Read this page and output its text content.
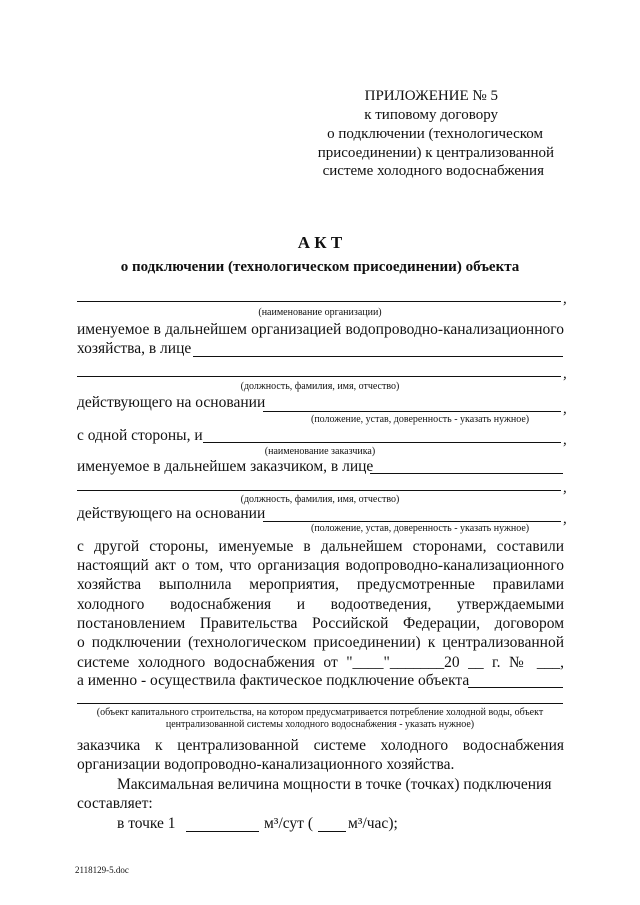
ПРИЛОЖЕНИЕ № 5
к типовому договору
о подключении (технологическом
присоединении) к централизованной
системе холодного водоснабжения
А К Т
о подключении (технологическом присоединении) объекта
,
(наименование организации)
именуемое в дальнейшем организацией водопроводно-канализационного
хозяйства, в лице
,
(должность, фамилия, имя, отчество)
действующего на основании	,
(положение, устав, доверенность - указать нужное)
с одной стороны, и	,
(наименование заказчика)
именуемое в дальнейшем заказчиком, в лице
,
(должность, фамилия, имя, отчество)
действующего на основании	,
(положение, устав, доверенность - указать нужное)
с другой стороны, именуемые в дальнейшем сторонами, составили
настоящий акт о том, что организация водопроводно-канализационного
хозяйства выполнила мероприятия, предусмотренные правилами
холодного водоснабжения и водоотведения, утверждаемыми
постановлением Правительства Российской Федерации, договором
о подключении (технологическом присоединении) к централизованной
системе холодного водоснабжения от "____"_______20 __ г. № ___,
а именно - осуществила фактическое подключение объекта
(объект капитального строительства, на котором предусматривается потребление холодной воды, объект
централизованной системы холодного водоснабжения - указать нужное)
заказчика к централизованной системе холодного водоснабжения
организации водопроводно-канализационного хозяйства.
Максимальная величина мощности в точке (точках) подключения
составляет:
в точке 1	м³/сут ( м³/час);
2118129-5.doc
